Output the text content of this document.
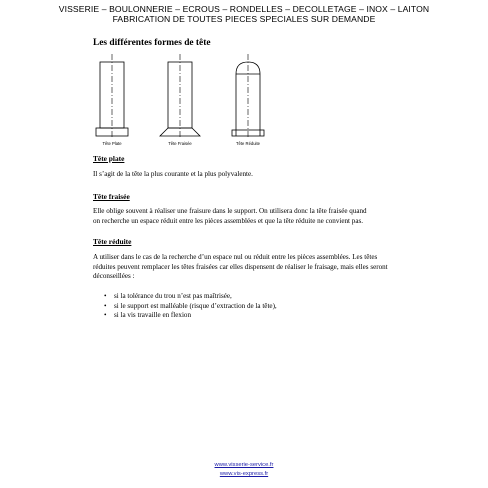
VISSERIE – BOULONNERIE – ECROUS – RONDELLES – DECOLLETAGE – INOX – LAITON
FABRICATION DE TOUTES PIECES SPECIALES SUR DEMANDE
Les différentes formes de tête
Tête Plate	Tête Fraisée	Tête Réduite
Tête plate
Il s’agit de la tête la plus courante et la plus polyvalente.
Tête fraisée
Elle oblige souvent à réaliser une fraisure dans le support. On utilisera donc la tête fraisée quand
on recherche un espace réduit entre les pièces assemblées et que la tête réduite ne convient pas.
Tête réduite
A utiliser dans le cas de la recherche d’un espace nul ou réduit entre les pièces assemblées. Les têtes
réduites peuvent remplacer les têtes fraisées car elles dispensent de réaliser le fraisage, mais elles seront
déconseillées :
• si la tolérance du trou n’est pas maîtrisée,
• si le support est malléable (risque d’extraction de la tête),
• si la vis travaille en flexion
www.visserie-service.fr
www.vis-express.fr
